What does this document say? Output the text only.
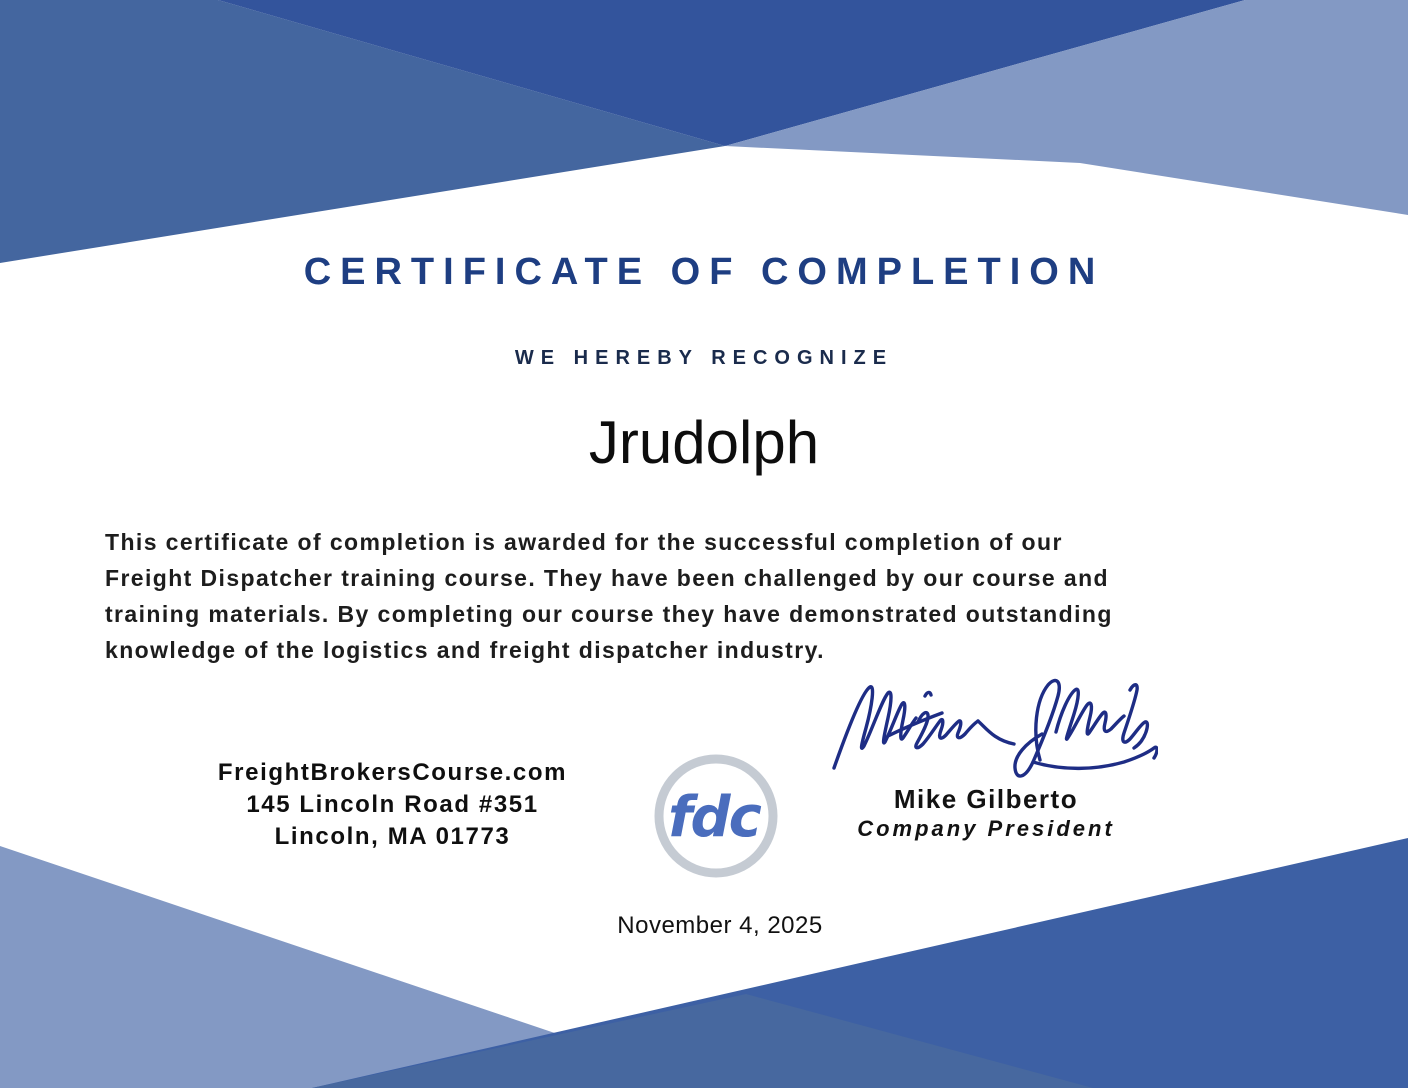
CERTIFICATE OF COMPLETION
WE HEREBY RECOGNIZE
Jrudolph
This certificate of completion is awarded for the successful completion of our
Freight Dispatcher training course. They have been challenged by our course and
training materials. By completing our course they have demonstrated outstanding
knowledge of the logistics and freight dispatcher industry.
Mike Gilberto
Company President
FreightBrokersCourse.com
145 Lincoln Road #351
Lincoln, MA 01773	fdc
November 4, 2025
